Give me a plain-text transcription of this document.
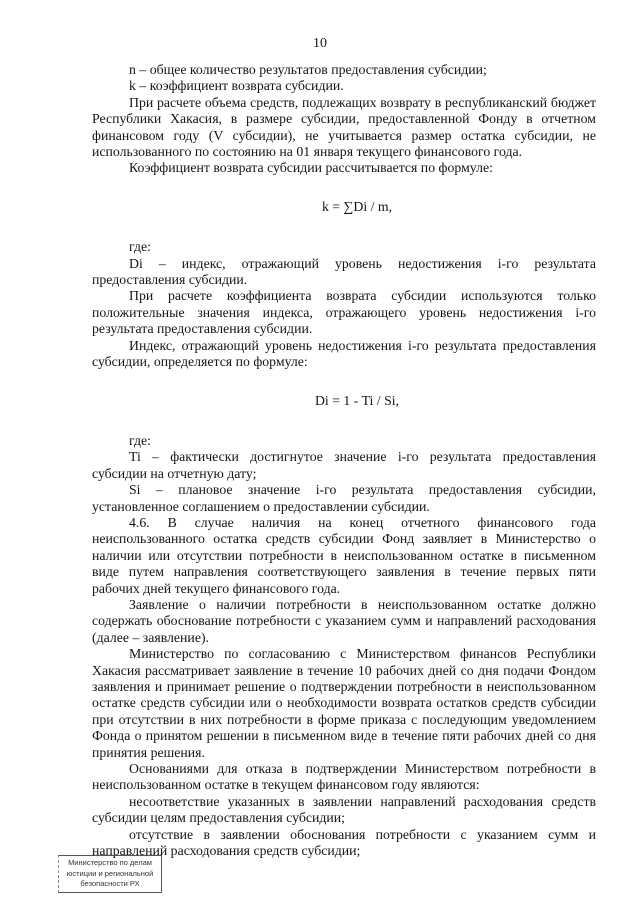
10

n – общее количество результатов предоставления субсидии;

k – коэффициент возврата субсидии.

При расчете объема средств, подлежащих возврату в республиканский бюджет Республики Хакасия, в размере субсидии, предоставленной Фонду в отчетном финансовом году (V субсидии), не учитывается размер остатка субсидии, не использованного по состоянию на 01 января текущего финансового года.

Коэффициент возврата субсидии рассчитывается по формуле:

k = ∑Di / m,

где:

Di – индекс, отражающий уровень недостижения i-го результата предоставления субсидии.

При расчете коэффициента возврата субсидии используются только положительные значения индекса, отражающего уровень недостижения i-го результата предоставления субсидии.

Индекс, отражающий уровень недостижения i-го результата предоставления субсидии, определяется по формуле:

Di = 1 - Ti / Si,

где:

Ti – фактически достигнутое значение i-го результата предоставления субсидии на отчетную дату;

Si – плановое значение i-го результата предоставления субсидии, установленное соглашением о предоставлении субсидии.

4.6. В случае наличия на конец отчетного финансового года неиспользованного остатка средств субсидии Фонд заявляет в Министерство о наличии или отсутствии потребности в неиспользованном остатке в письменном виде путем направления соответствующего заявления в течение первых пяти рабочих дней текущего финансового года.

Заявление о наличии потребности в неиспользованном остатке должно содержать обоснование потребности с указанием сумм и направлений расходования (далее – заявление).

Министерство по согласованию с Министерством финансов Республики Хакасия рассматривает заявление в течение 10 рабочих дней со дня подачи Фондом заявления и принимает решение о подтверждении потребности в неиспользованном остатке средств субсидии или о необходимости возврата остатков средств субсидии при отсутствии в них потребности в форме приказа с последующим уведомлением Фонда о принятом решении в письменном виде в течение пяти рабочих дней со дня принятия решения.

Основаниями для отказа в подтверждении Министерством потребности в неиспользованном остатке в текущем финансовом году являются:

несоответствие указанных в заявлении направлений расходования средств субсидии целям предоставления субсидии;

отсутствие в заявлении обоснования потребности с указанием сумм и направлений расходования средств субсидии;

Министерство по делам
юстиции и региональной
безопасности РХ
